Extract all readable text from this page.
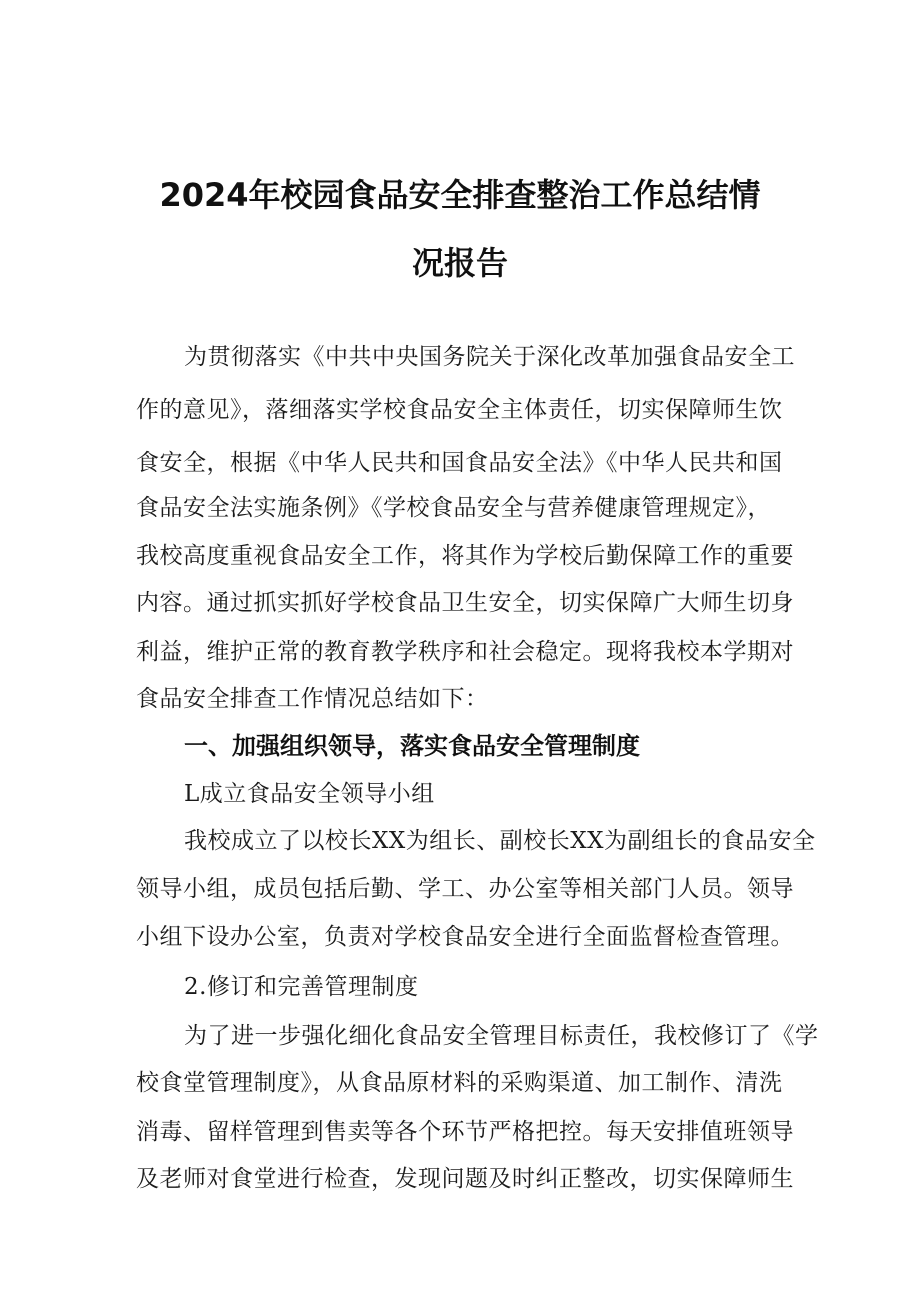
2024年校园食品安全排查整治工作总结情
况报告
为贯彻落实《中共中央国务院关于深化改革加强食品安全工
作的意见》，落细落实学校食品安全主体责任，切实保障师生饮
食安全，根据《中华人民共和国食品安全法》《中华人民共和国
食品安全法实施条例》《学校食品安全与营养健康管理规定》，
我校高度重视食品安全工作，将其作为学校后勤保障工作的重要
内容。通过抓实抓好学校食品卫生安全，切实保障广大师生切身
利益，维护正常的教育教学秩序和社会稳定。现将我校本学期对
食品安全排查工作情况总结如下：
一、加强组织领导，落实食品安全管理制度
L成立食品安全领导小组
我校成立了以校长XX为组长、副校长XX为副组长的食品安全
领导小组，成员包括后勤、学工、办公室等相关部门人员。领导
小组下设办公室，负责对学校食品安全进行全面监督检查管理。
2.修订和完善管理制度
为了进一步强化细化食品安全管理目标责任，我校修订了《学
校食堂管理制度》，从食品原材料的采购渠道、加工制作、清洗
消毒、留样管理到售卖等各个环节严格把控。每天安排值班领导
及老师对食堂进行检查，发现问题及时纠正整改，切实保障师生
